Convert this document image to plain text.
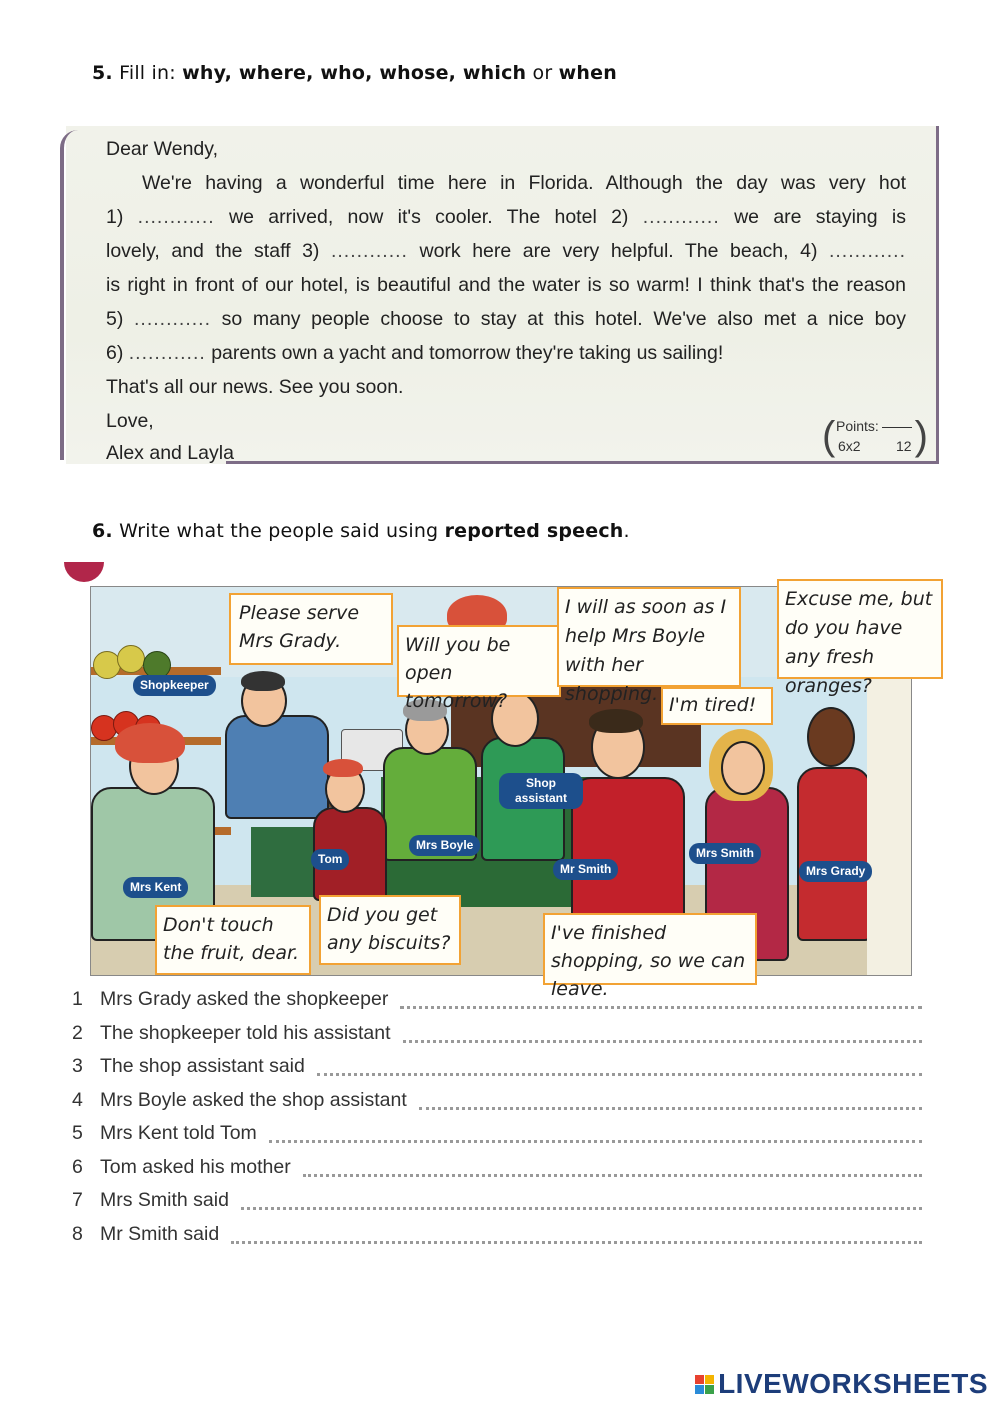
5. Fill in: why, where, who, whose, which or when
Dear Wendy,
We're having a wonderful time here in Florida. Although the day was very hot
1) ............ we arrived, now it's cooler. The hotel 2) ............ we are staying is
lovely, and the staff 3) ............ work here are very helpful. The beach, 4) ............
is right in front of our hotel, is beautiful and the water is so warm! I think that's the reason
5) ............ so many people choose to stay at this hotel. We've also met a nice boy
6) ............ parents own a yacht and tomorrow they're taking us sailing!
That's all our news. See you soon.
Love,
Alex and Layla	( )
Points:
6x2	12
6. Write what the people said using reported speech.
Shopkeeper
Shop assistant
Mrs Boyle
Tom
Mrs Kent
Mr Smith
Mrs Smith
Mrs Grady
Please serve Mrs Grady.	Will you be open tomorrow?
I will as soon as I help Mrs Boyle with her shopping.
Excuse me, but do you have any fresh oranges?
I'm tired!
Don't touch the fruit, dear.
Did you get any biscuits?	I've finished shopping, so we can leave.
1 Mrs Grady asked the shopkeeper
2 The shopkeeper told his assistant
3 The shop assistant said
4 Mrs Boyle asked the shop assistant
5 Mrs Kent told Tom
6 Tom asked his mother
7 Mrs Smith said
8 Mr Smith said
LIVEWORKSHEETS
